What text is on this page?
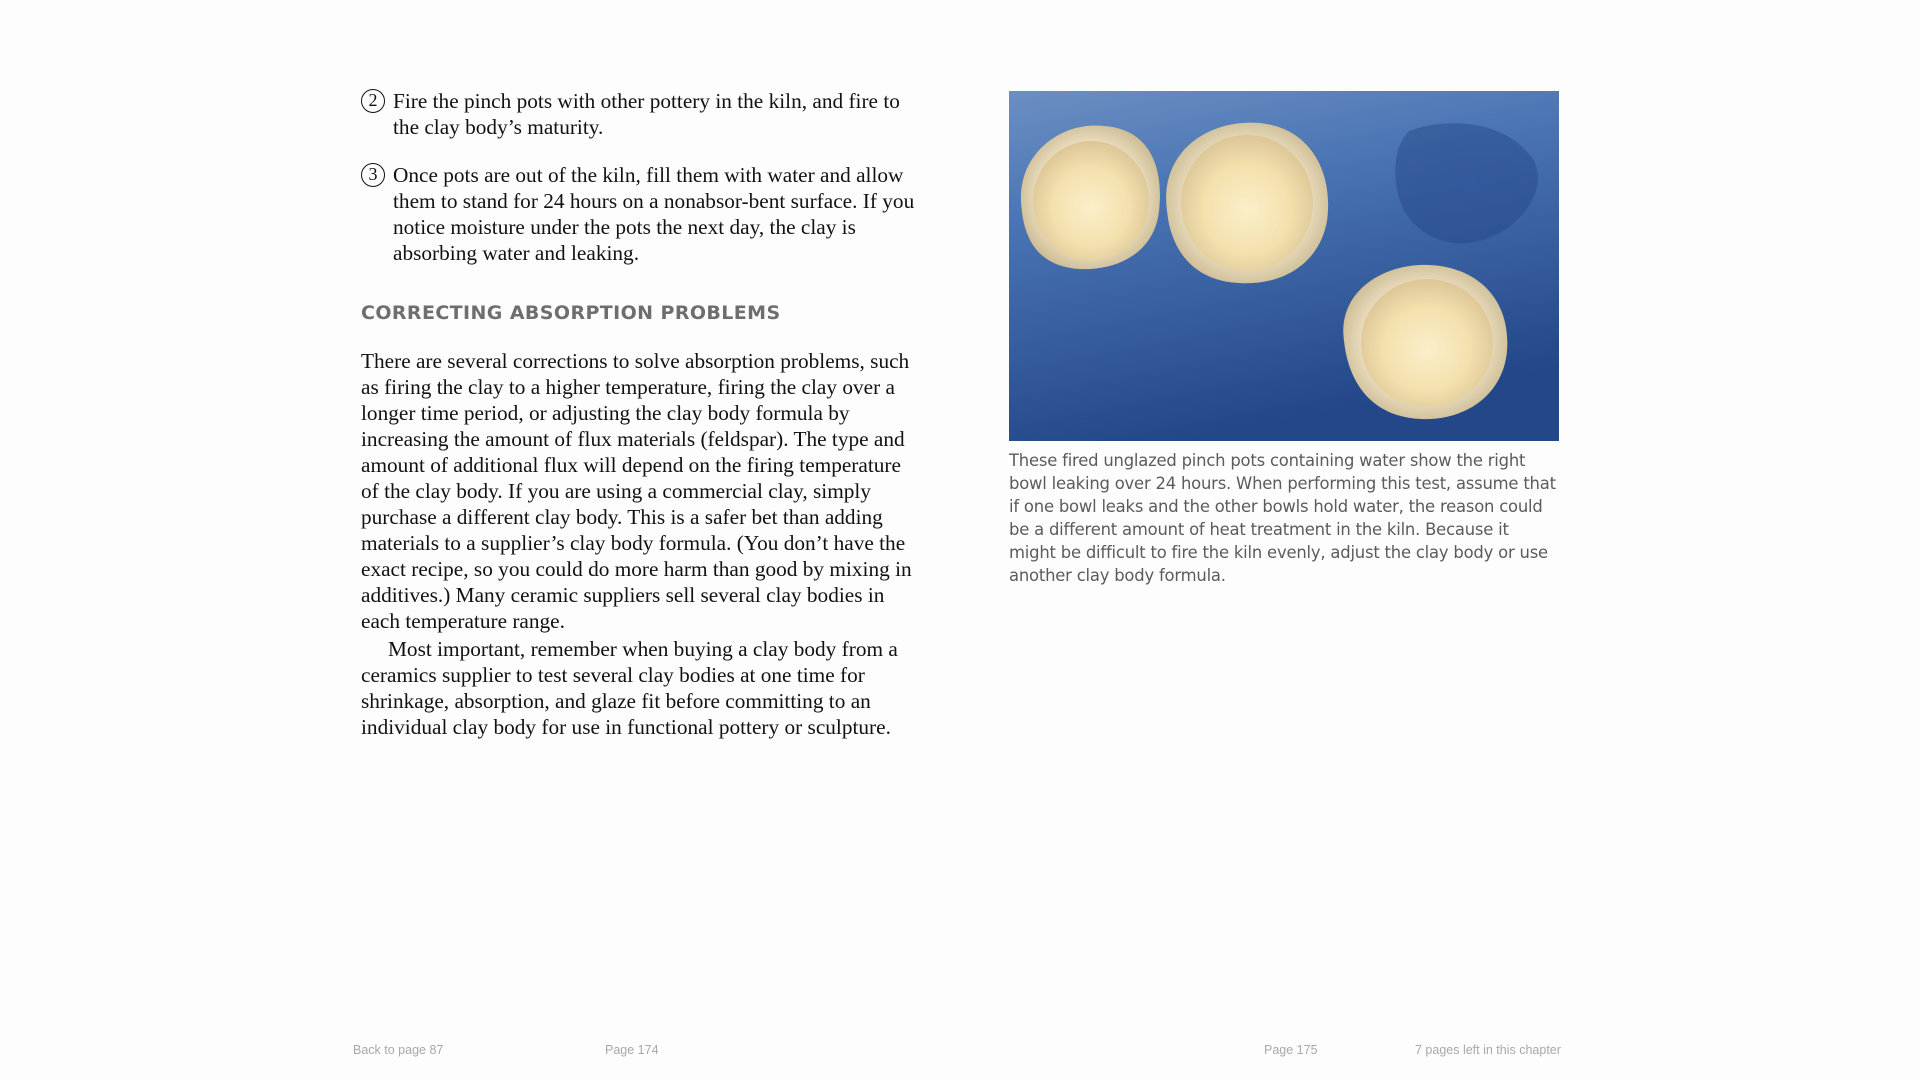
2 Fire the pinch pots with other pottery in the kiln, and fire to the clay body’s maturity.
3 Once pots are out of the kiln, fill them with water and allow them to stand for 24 hours on a nonabsor-bent surface. If you notice moisture under the pots the next day, the clay is absorbing water and leaking.
CORRECTING ABSORPTION PROBLEMS

There are several corrections to solve absorption problems, such as firing the clay to a higher temperature, firing the clay over a longer time period, or adjusting the clay body formula by increasing the amount of flux materials (feldspar). The type and amount of additional flux will depend on the firing temperature of the clay body. If you are using a commercial clay, simply purchase a different clay body. This is a safer bet than adding materials to a supplier’s clay body formula. (You don’t have the exact recipe, so you could do more harm than good by mixing in additives.) Many ceramic suppliers sell several clay bodies in each temperature range.

Most important, remember when buying a clay body from a ceramics supplier to test several clay bodies at one time for shrinkage, absorption, and glaze fit before committing to an individual clay body for use in functional pottery or sculpture.

These fired unglazed pinch pots containing water show the right bowl leaking over 24 hours. When performing this test, assume that if one bowl leaks and the other bowls hold water, the reason could be a different amount of heat treatment in the kiln. Because it might be difficult to fire the kiln evenly, adjust the clay body or use another clay body formula.
Back to page 87	Page 174	Page 175	7 pages left in this chapter
